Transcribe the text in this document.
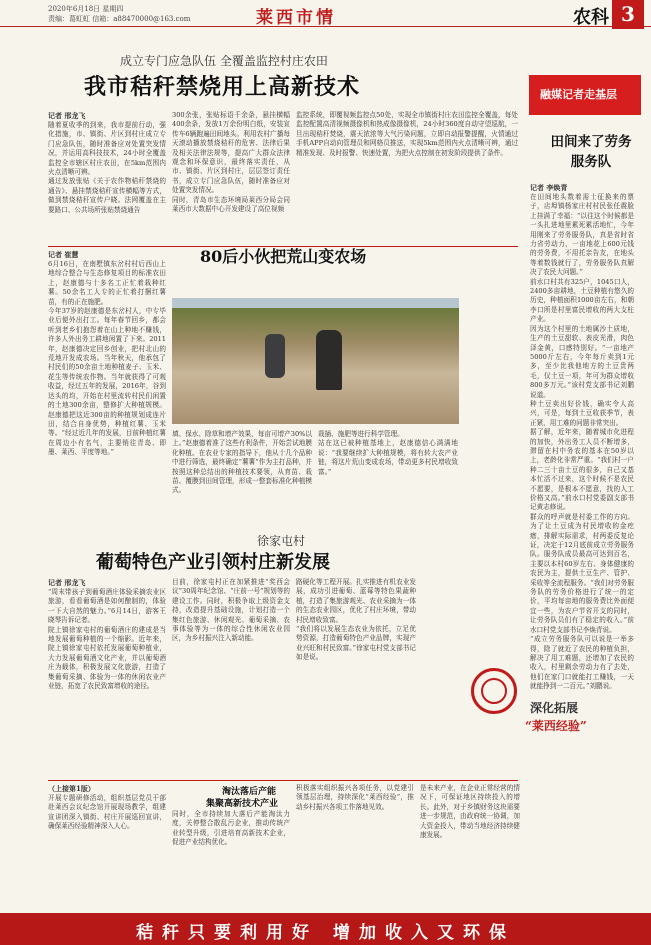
2020年6月18日 星期四
责编：葛虹虹 信箱：a88470000@163.com	莱西市情	农科 3
成立专门应急队伍 全覆盖监控村庄农田
我市秸秆禁烧用上高新技术
记者 邢龙飞
随着夏收季的到来，我市提前行动，强化措施，市、镇街、片区到村庄成立专门应急队伍，随时准备应对处置突发情况，并运用高科技技术，24小时全覆盖监控全市辖区村庄农田，在5km范围内火点清晰可辨。
通过发放张贴《关于农作物秸秆禁烧的通告》、悬挂禁烧秸秆宣传横幅等方式，做到禁烧秸秆宣传户晓。法网覆盖在主要路口、公共场所张贴禁烧通告
300余张，张贴标语千余条，悬挂横幅400余条，发放1万余份明白纸，安装宣传车6辆跑遍田间地头。利用农村广播每天滚动播放禁烧秸秆的危害、法律后果及相关法律法规等，提高广大群众法律观念和环保意识，最终落实责任，从市、镇街、片区到村庄，层层签订责任书，成立专门应急队伍，随时准备应对处置突发情况。
同时，青岛市生态环境局莱西分局会同莱西市大数据中心开发建设了高位视频
监控系统，即覆视频监控点50处，实现全市镇街村庄农田监控全覆盖，每处监控配置高清视频摄像机和热成像摄像机，24小时360度自动守望巡航，一旦出现秸秆焚烧，震天浓浓等大气污染问题，立即自动报警提醒，火情通过手机APP自动向管理员和网格员推送，实现5km范围内火点清晰可辨，通过精准发现、及时报警、快速处置，为把火点控制在初发阶段提供了条件。
融媒记者走基层
田间来了劳务服务队
记者 李焕青
在田间地头数着需士征换来的票子，店埠镇杨家庄村村民张任震脸上挂满了幸福：“以往这个时候都是一头扎进地里累死累活地忙，今年用刚来了劳务服务队，真是省时省力省劳动力，一亩地花上600元钱的劳务费，不用托亲告友，在地头等着数钱就行了，劳务服务队真解决了农民大问题。”
前水口村共有325户，1045口人，2400多亩耕地，土豆种植有悠久的历史，种植面积1000亩左右，和朝李口所是村里富民增收的两大支柱产业。
因为这个村里的土地属沙土质地，生产的土豆甜软、表皮光滑，肉色泽金黄，口感特别好。“一亩地产5000斤左右，今年每斤卖到1元多，至少比我他地方的土豆贵两毛，仅土豆一项，年可为群众增收800多万元。”该村党支部书记刘鹏说道。
种土豆卖出好价钱，确实令人高兴，可是，每到土豆收获季节，表正紧，用工难的问题非常突出。
据了解，近年来，随着城市化进程的加快，外出务工人员不断增多，滞留在村中务农的基本在50岁以上，老龄化非常严重。“我们村一户种二三十亩土豆的很多，自己又基本忙活不过来，这个时候不是农民不愿要，是根本不愿意，找的人工价格又高。”前水口村党委副支部书记黄志修说。
群众的呼声就是村委工作的方向。为了让土豆成为村民增收的金疙瘩，排解实际需求，村两委反复论证，决定于12月底前成立劳务服务队。服务队成员最高可达到百名，主要以本村60岁左右、身体健康的农民为主，提供土豆生产、管护、采收等全流程服务。“我们对劳务服务队的劳务价格进行了统一的定价，平均每亩地的服务费比外面便宜一些，为农户节省开支的同时，让劳务队员们有了稳定的收入。”前水口村党支部书记李焕青说。
“成立劳务服务队可以说是一举多得，除了就近了农民的种植负担，解决了用工难题，还增加了农民的收入，村里剩余劳动力有了去处，他们在家门口就能打工赚钱，一天就能挣到一二百元。”刘鹏说。
80后小伙把荒山变农场
记者 崔慧
6月16日，在南墅镇东岔村村后西山上地综合整合与生态修复项目的标准农田上，赵康德与十多名工正忙着栽种红薯。50余名工人专的正忙着打捆红薯苗，有的正在施肥。
今年37岁的赵康德是东岔村人，中专毕业后便外出打工。每年春节回乡，都会听到老乡们抱怨着在山上种地不赚钱，许多人外出务工耕地闲置了下来。2011年，赵康德决定回乡创业，把村北山的荒地开发成农场。当年秋天，他承包了村民们的50余亩土地种植麦子、玉米、花生等传统农作物。当年就获得了可观收益，经过五年的发展，2016年，谷到达头的均，开始在村里流转村民们闲置的土地300余亩，整修扩大种植规模。赵康德把这近300亩的种植规划成连片田，结合自身优势，种植红薯、玉米等。“经过近几年的发展，目前种植红薯在周边小有名气，主要销往青岛、即墨、莱西、平度等地。”
填、保水、除草和增产效果，每亩可增产30%以上。”赵康德着准了这些有利条件，开始尝试地膜化种植。在农业专家的指导下，他从十几个品种中进行筛选，最终确定“薯薯”作为主打品种，并按照这种总结出的种植技术要领，从育苗、栽苗、覆膜到田间管理，形成一整套标准化种植模式。
栽插、施肥等进行科学管理。
站在这已被种植基地上，赵康德信心满满地说：“我要继续扩大种植规模，将有转大农产业链，将这片荒山变成农场，带动更多村民增收致富。”
徐家屯村
葡萄特色产业引领村庄新发展
记者 邢龙飞
“周末带孩子到葡萄酒庄体验采摘农业区旅游，看看葡萄酒是如何酿制的，体验一下大自然的魅力。”6月14日，游客王晓琴告诉记者。
院上镇徐家屯村的葡萄酒庄的建成是当地发展葡萄种植的一个缩影。近年来，院上镇徐家屯村依托发展葡萄种植业，大力发展葡萄酒文化产业，并以葡萄酒庄为载体，积极发展文化旅游，打造了集葡萄采摘、体验为一体的休闲农业产业链，拓宽了农民致富增收的途径。
目前，徐家屯村正在加紧推进“奖西会议”30周年纪念馆、“庄前一号”规划等的建设工作。同时，积极争取上级资金支持，改造提升基础设施，计划打造一个集红色旅游、休闲观光、葡萄采摘、农事体验等为一体的综合性休闲农业园区，为乡村振兴注入新动能。
路硬化等工程开展。扎实推进有机农业发展，成功引进葡萄、蓝莓等特色果蔬种植，打造了集旅游观光、农业采摘为一体的生态农业园区，优化了村庄环境，带动村民增收致富。
“我们将以发展生态农业为依托，立足优势资源，打造葡萄特色产业品牌，实现产业兴旺和村民致富。”徐家屯村党支部书记如是说。
深化拓展
“莱西经验”
（上接第1版）
开展专题研修活动，组织基层党员干部赴莱西会议纪念馆开展现场教学，组建宣讲团深入镇街、村庄开展巡回宣讲，确保莱西经验精神深入人心。
淘汰落后产能
集聚高新技术产业
同时，全市持续加大落后产能淘汰力度，关停整合散乱污企业，推动传统产业转型升级，引进培育高新技术企业，促进产业结构优化。
积极落实组织振兴各项任务，以党建引领基层治理，持续深化“莱西经验”，推动乡村振兴各项工作落地见效。
是未来产业，在企业正常经营的情况下，可保证地区持续投入的增长。此外，对于乡镇财务这块需要进一步规范，由政府统一协调，加大资金投入，带动当地经济持续健康发展。
秸秆只要利用好 增加收入又环保
